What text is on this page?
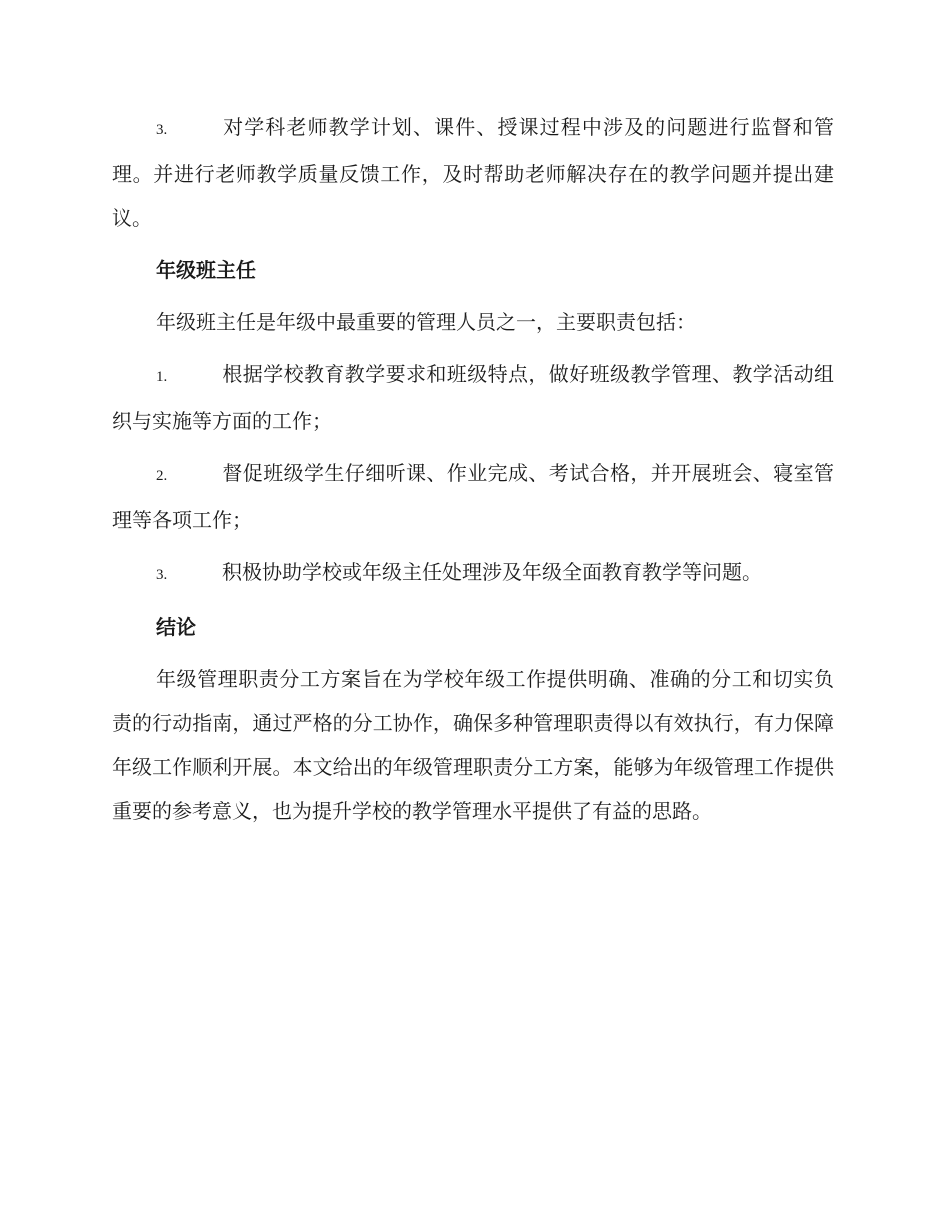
3.	对学科老师教学计划、课件、授课过程中涉及的问题进行监督和管理。并进行老师教学质量反馈工作，及时帮助老师解决存在的教学问题并提出建议。

年级班主任

年级班主任是年级中最重要的管理人员之一，主要职责包括：

1.	根据学校教育教学要求和班级特点，做好班级教学管理、教学活动组织与实施等方面的工作；

2.	督促班级学生仔细听课、作业完成、考试合格，并开展班会、寝室管理等各项工作；

3.	积极协助学校或年级主任处理涉及年级全面教育教学等问题。

结论

年级管理职责分工方案旨在为学校年级工作提供明确、准确的分工和切实负责的行动指南，通过严格的分工协作，确保多种管理职责得以有效执行，有力保障年级工作顺利开展。本文给出的年级管理职责分工方案，能够为年级管理工作提供重要的参考意义，也为提升学校的教学管理水平提供了有益的思路。
